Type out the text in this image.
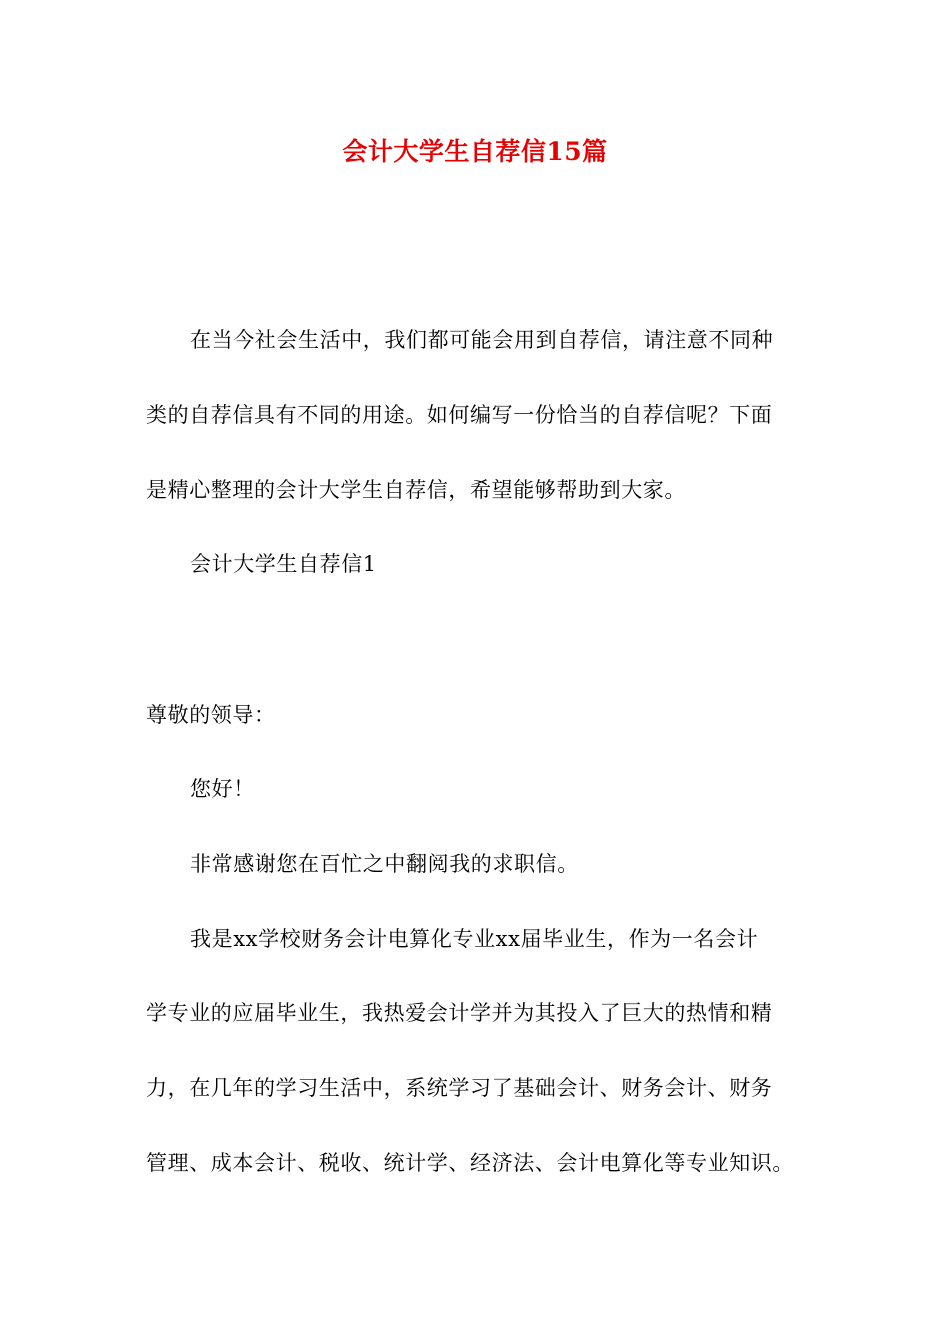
会计大学生自荐信15篇
在当今社会生活中，我们都可能会用到自荐信，请注意不同种
类的自荐信具有不同的用途。如何编写一份恰当的自荐信呢？下面
是精心整理的会计大学生自荐信，希望能够帮助到大家。
会计大学生自荐信1
尊敬的领导：
您好！
非常感谢您在百忙之中翻阅我的求职信。
我是xx学校财务会计电算化专业xx届毕业生，作为一名会计
学专业的应届毕业生，我热爱会计学并为其投入了巨大的热情和精
力，在几年的学习生活中，系统学习了基础会计、财务会计、财务
管理、成本会计、税收、统计学、经济法、会计电算化等专业知识。
